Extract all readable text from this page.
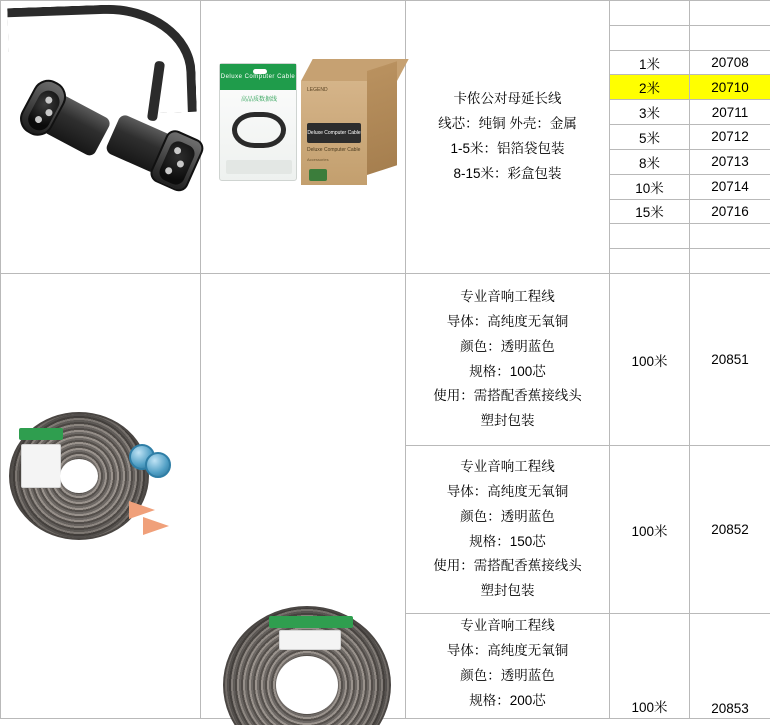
Deluxe Computer Cable
高品质数据线
LEGEND
Deluxe Computer Cable
Deluxe Computer Cable
Accessories

卡侬公对母延长线
线芯：纯铜 外壳：金属
1-5米：铝箔袋包装
8-15米：彩盒包装

			1米	20708
			2米	20710
			3米	20711
			5米	20712
			8米	20713
			10米	20714
			15米	20716

专业音响工程线
导体：高纯度无氧铜
颜色：透明蓝色
规格：100芯
使用：需搭配香蕉接线头
塑封包装
	100米	20851

专业音响工程线
导体：高纯度无氧铜
颜色：透明蓝色
规格：150芯
使用：需搭配香蕉接线头
塑封包装
	100米	20852

		专业音响工程线
导体：高纯度无氧铜
颜色：透明蓝色
规格：200芯	100米	20853
